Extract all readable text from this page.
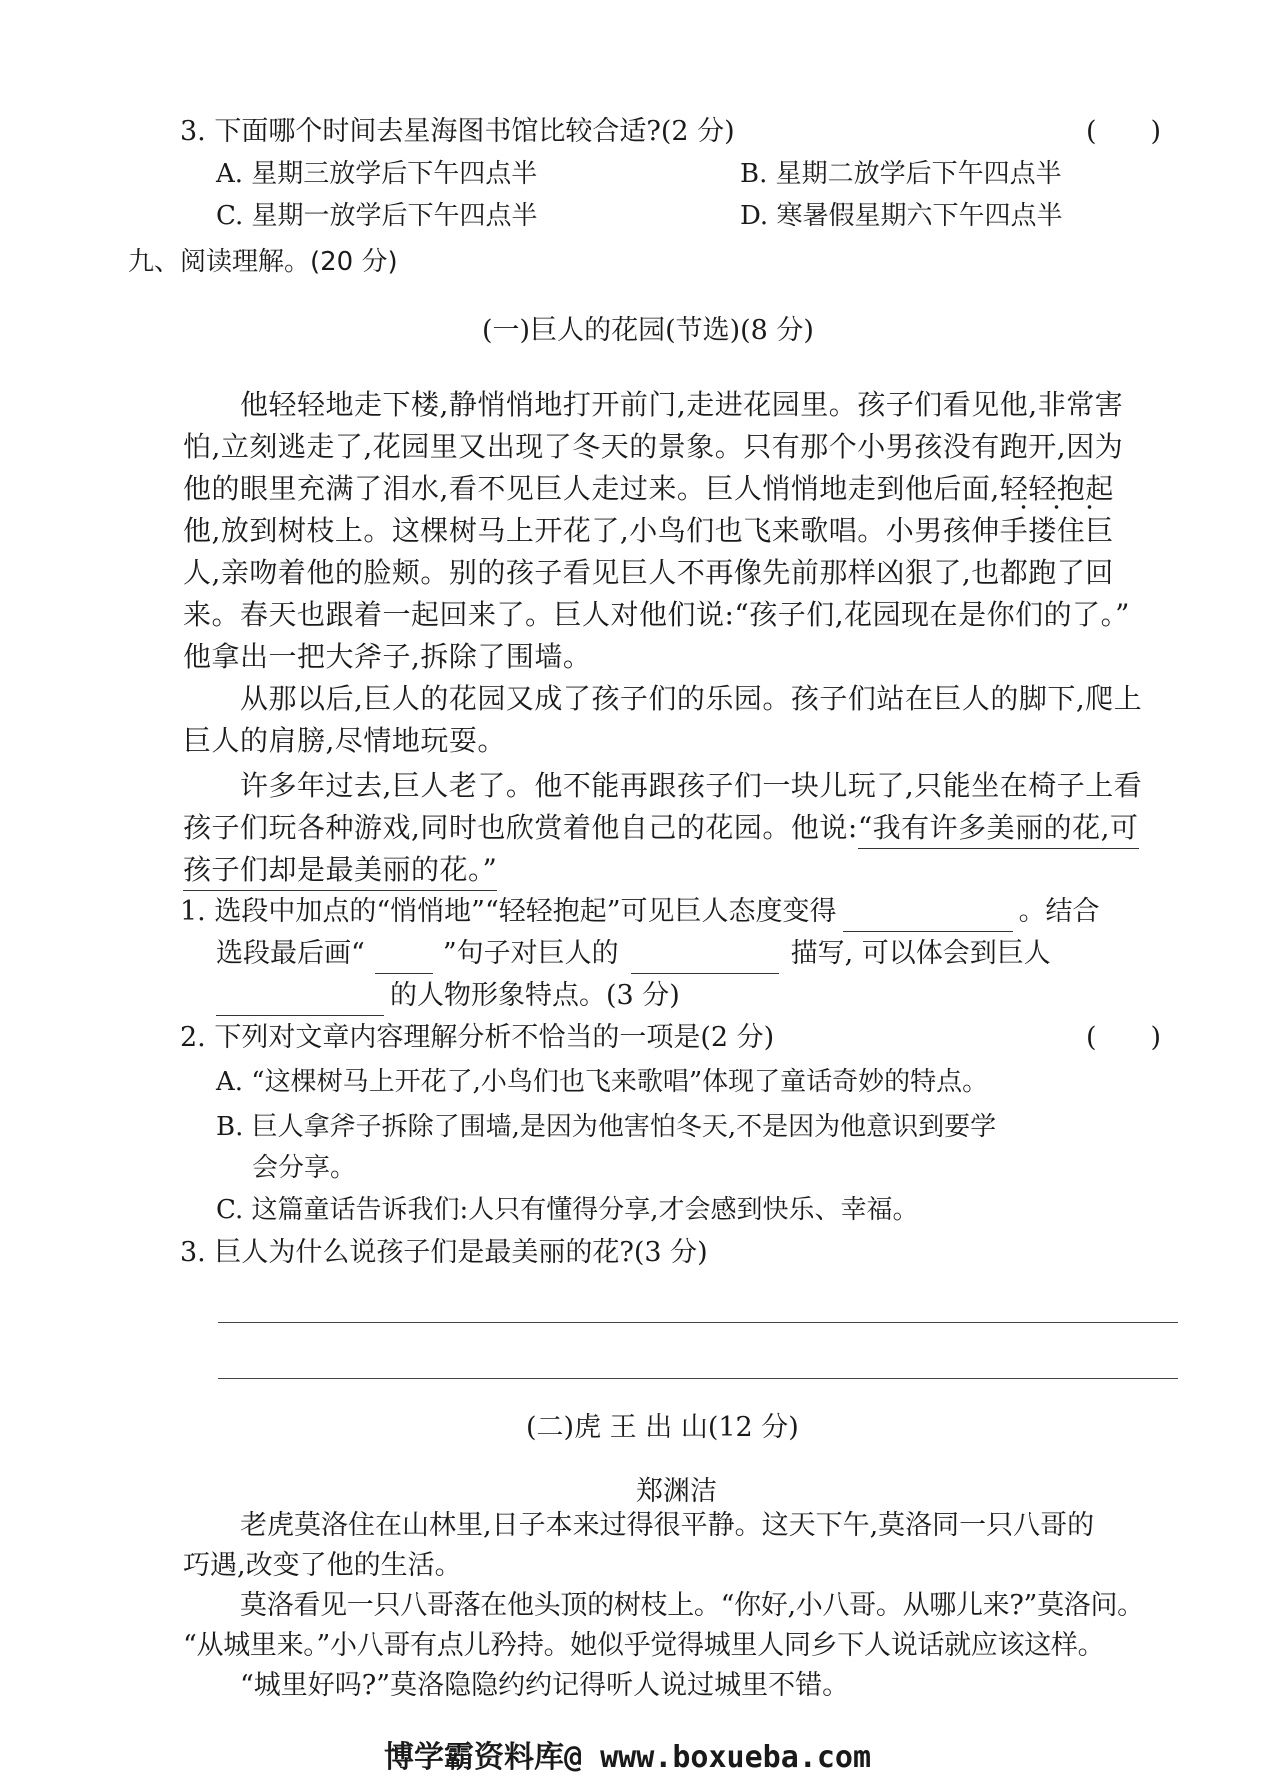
3. 下面哪个时间去星海图书馆比较合适?(2 分)	(　　)
A. 星期三放学后下午四点半	B. 星期二放学后下午四点半
C. 星期一放学后下午四点半	D. 寒暑假星期六下午四点半
九、阅读理解。(20 分)
(一)巨人的花园(节选)(8 分)
他轻轻地走下楼,静悄悄地打开前门,走进花园里。孩子们看见他,非常害
怕,立刻逃走了,花园里又出现了冬天的景象。只有那个小男孩没有跑开,因为
他的眼里充满了泪水,看不见巨人走过来。巨人悄悄地走到他后面,轻轻抱起
他,放到树枝上。这棵树马上开花了,小鸟们也飞来歌唱。小男孩伸手搂住巨
人,亲吻着他的脸颊。别的孩子看见巨人不再像先前那样凶狠了,也都跑了回
来。春天也跟着一起回来了。巨人对他们说:“孩子们,花园现在是你们的了。”
他拿出一把大斧子,拆除了围墙。
从那以后,巨人的花园又成了孩子们的乐园。孩子们站在巨人的脚下,爬上
巨人的肩膀,尽情地玩耍。
许多年过去,巨人老了。他不能再跟孩子们一块儿玩了,只能坐在椅子上看
孩子们玩各种游戏,同时也欣赏着他自己的花园。他说:“我有许多美丽的花,可
孩子们却是最美丽的花。”
1. 选段中加点的“悄悄地”“轻轻抱起”可见巨人态度变得	。结合
选段最后画“	”句子对巨人的	描写, 可以体会到巨人
的人物形象特点。(3 分)
2. 下列对文章内容理解分析不恰当的一项是(2 分)	(　　)
A. “这棵树马上开花了,小鸟们也飞来歌唱”体现了童话奇妙的特点。
B. 巨人拿斧子拆除了围墙,是因为他害怕冬天,不是因为他意识到要学
会分享。
C. 这篇童话告诉我们:人只有懂得分享,才会感到快乐、幸福。
3. 巨人为什么说孩子们是最美丽的花?(3 分)
(二)虎 王 出 山(12 分)
郑渊洁
老虎莫洛住在山林里,日子本来过得很平静。这天下午,莫洛同一只八哥的
巧遇,改变了他的生活。
莫洛看见一只八哥落在他头顶的树枝上。“你好,小八哥。从哪儿来?”莫洛问。
“从城里来。”小八哥有点儿矜持。她似乎觉得城里人同乡下人说话就应该这样。
“城里好吗?”莫洛隐隐约约记得听人说过城里不错。
博学霸资料库@ www.boxueba.com
